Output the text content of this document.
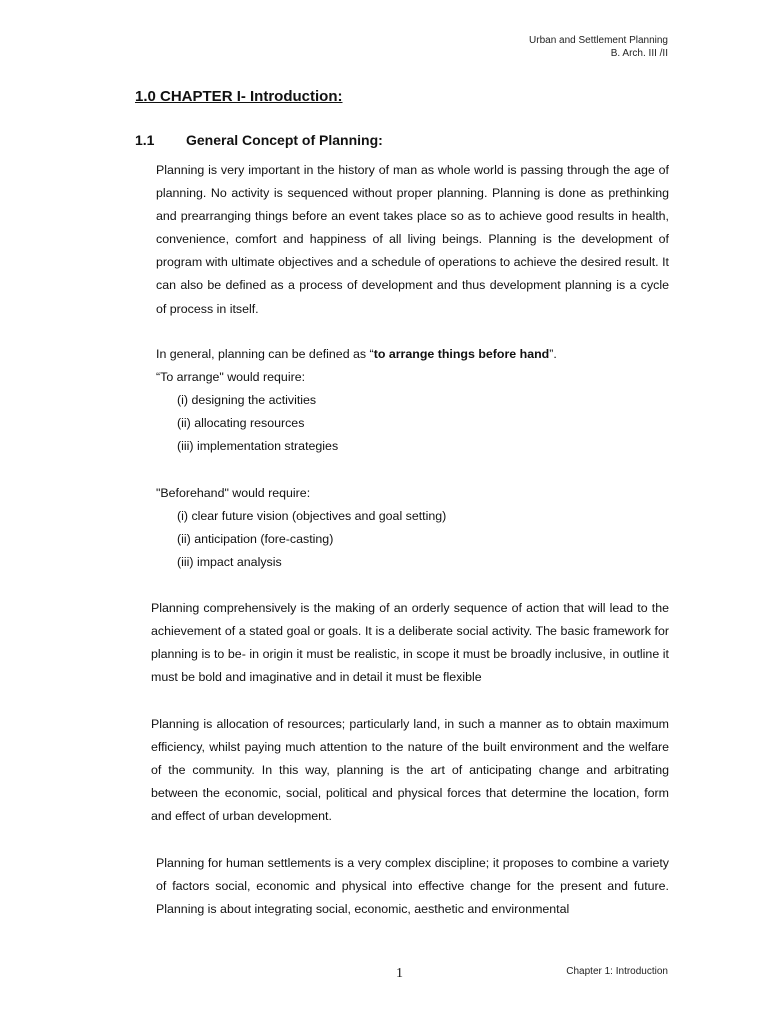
Urban and Settlement Planning
B. Arch. III /II
1.0 CHAPTER I- Introduction:
1.1 General Concept of Planning:

Planning is very important in the history of man as whole world is passing through the age of planning. No activity is sequenced without proper planning. Planning is done as prethinking and prearranging things before an event takes place so as to achieve good results in health, convenience, comfort and happiness of all living beings. Planning is the development of program with ultimate objectives and a schedule of operations to achieve the desired result. It can also be defined as a process of development and thus development planning is a cycle of process in itself.

In general, planning can be defined as “to arrange things before hand”.

“To arrange" would require:

(i) designing the activities

(ii) allocating resources

(iii) implementation strategies

"Beforehand" would require:

(i) clear future vision (objectives and goal setting)

(ii) anticipation (fore-casting)

(iii) impact analysis

Planning comprehensively is the making of an orderly sequence of action that will lead to the achievement of a stated goal or goals. It is a deliberate social activity. The basic framework for planning is to be- in origin it must be realistic, in scope it must be broadly inclusive, in outline it must be bold and imaginative and in detail it must be flexible

Planning is allocation of resources; particularly land, in such a manner as to obtain maximum efficiency, whilst paying much attention to the nature of the built environment and the welfare of the community. In this way, planning is the art of anticipating change and arbitrating between the economic, social, political and physical forces that determine the location, form and effect of urban development.

Planning for human settlements is a very complex discipline; it proposes to combine a variety of factors social, economic and physical into effective change for the present and future. Planning is about integrating social, economic, aesthetic and environmental

1	Chapter 1: Introduction
